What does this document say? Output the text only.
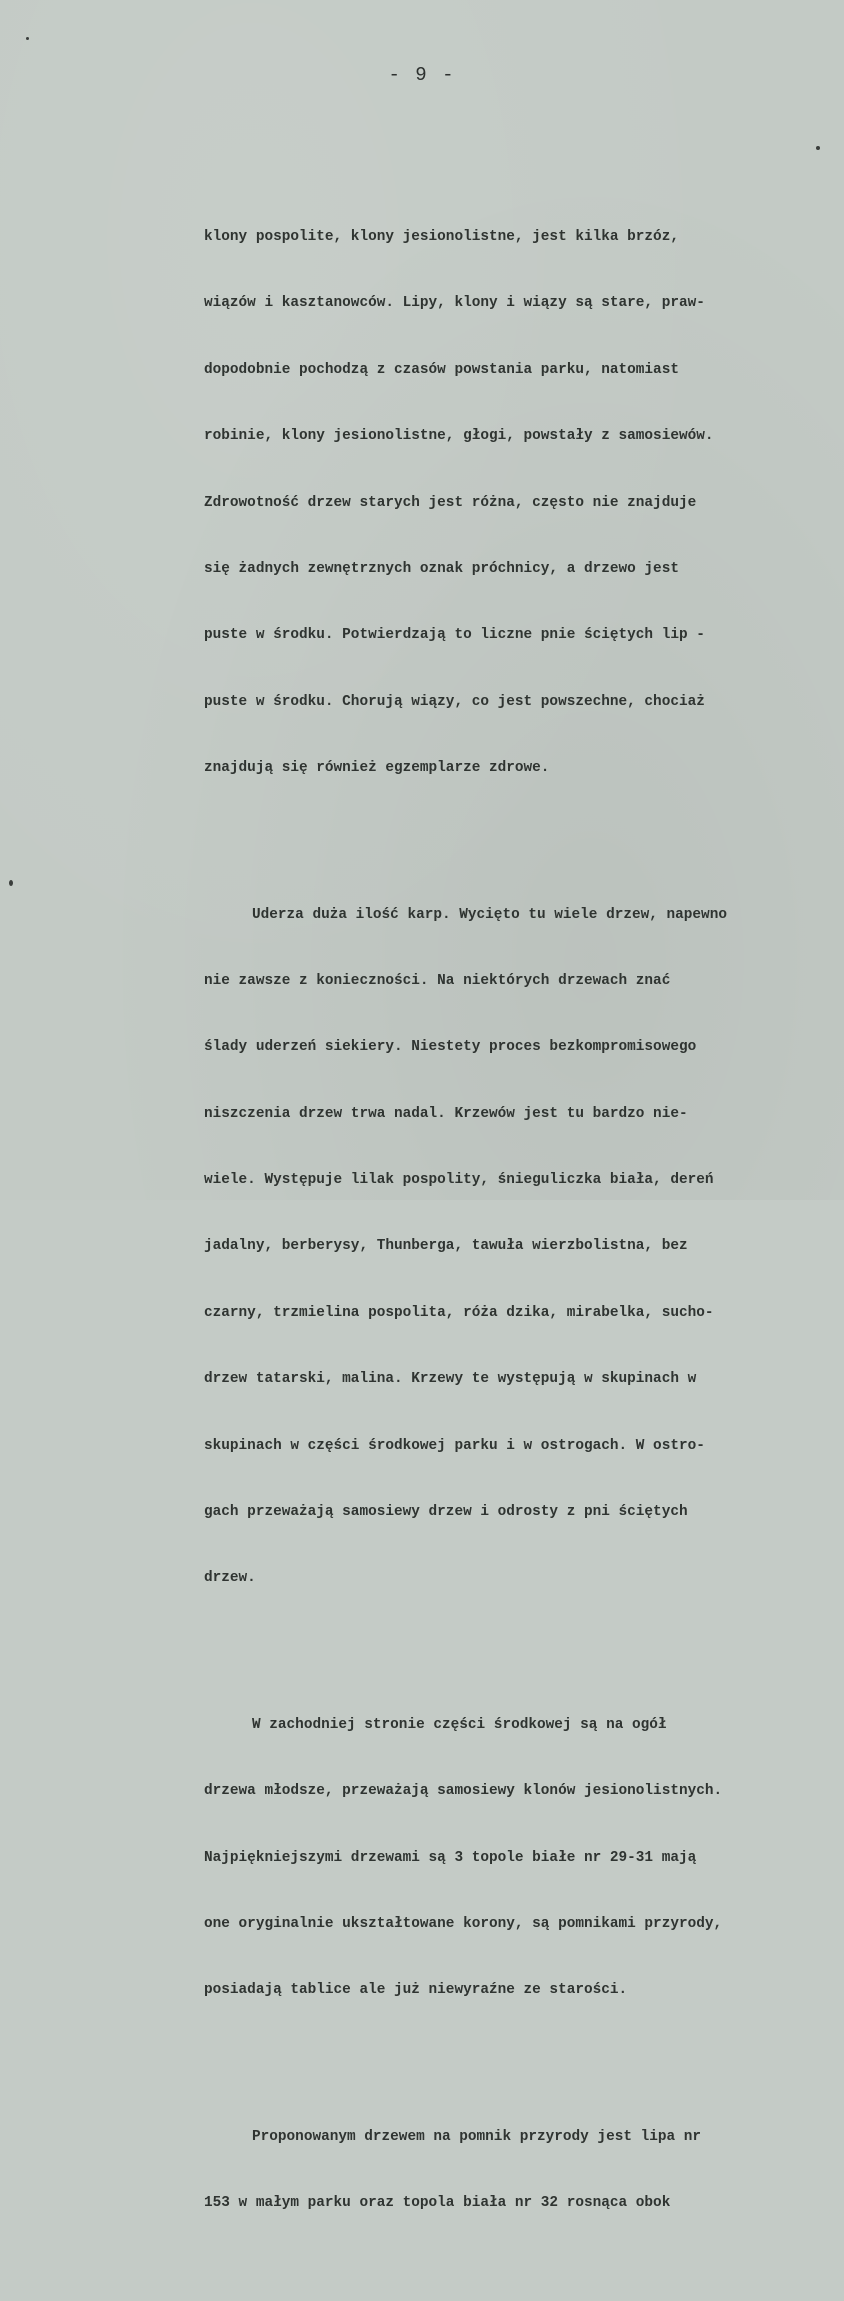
- 9 -

klony pospolite, klony jesionolistne, jest kilka brzóz,

wiązów i kasztanowców. Lipy, klony i wiązy są stare, praw-

dopodobnie pochodzą z czasów powstania parku, natomiast

robinie, klony jesionolistne, głogi, powstały z samosiewów.

Zdrowotność drzew starych jest różna, często nie znajduje

się żadnych zewnętrznych oznak próchnicy, a drzewo jest

puste w środku. Potwierdzają to liczne pnie ściętych lip -

puste w środku. Chorują wiązy, co jest powszechne, chociaż

znajdują się również egzemplarze zdrowe.

Uderza duża ilość karp. Wycięto tu wiele drzew, napewno

nie zawsze z konieczności. Na niektórych drzewach znać

ślady uderzeń siekiery. Niestety proces bezkompromisowego

niszczenia drzew trwa nadal. Krzewów jest tu bardzo nie-

wiele. Występuje lilak pospolity, śnieguliczka biała, dereń

jadalny, berberysy, Thunberga, tawuła wierzbolistna, bez

czarny, trzmielina pospolita, róża dzika, mirabelka, sucho-

drzew tatarski, malina. Krzewy te występują w skupinach w

skupinach w części środkowej parku i w ostrogach. W ostro-

gach przeważają samosiewy drzew i odrosty z pni ściętych

drzew.

W zachodniej stronie części środkowej są na ogół

drzewa młodsze, przeważają samosiewy klonów jesionolistnych.

Najpiękniejszymi drzewami są 3 topole białe nr 29-31 mają

one oryginalnie ukształtowane korony, są pomnikami przyrody,

posiadają tablice ale już niewyraźne ze starości.

Proponowanym drzewem na pomnik przyrody jest lipa nr

153 w małym parku oraz topola biała nr 32 rosnąca obok
